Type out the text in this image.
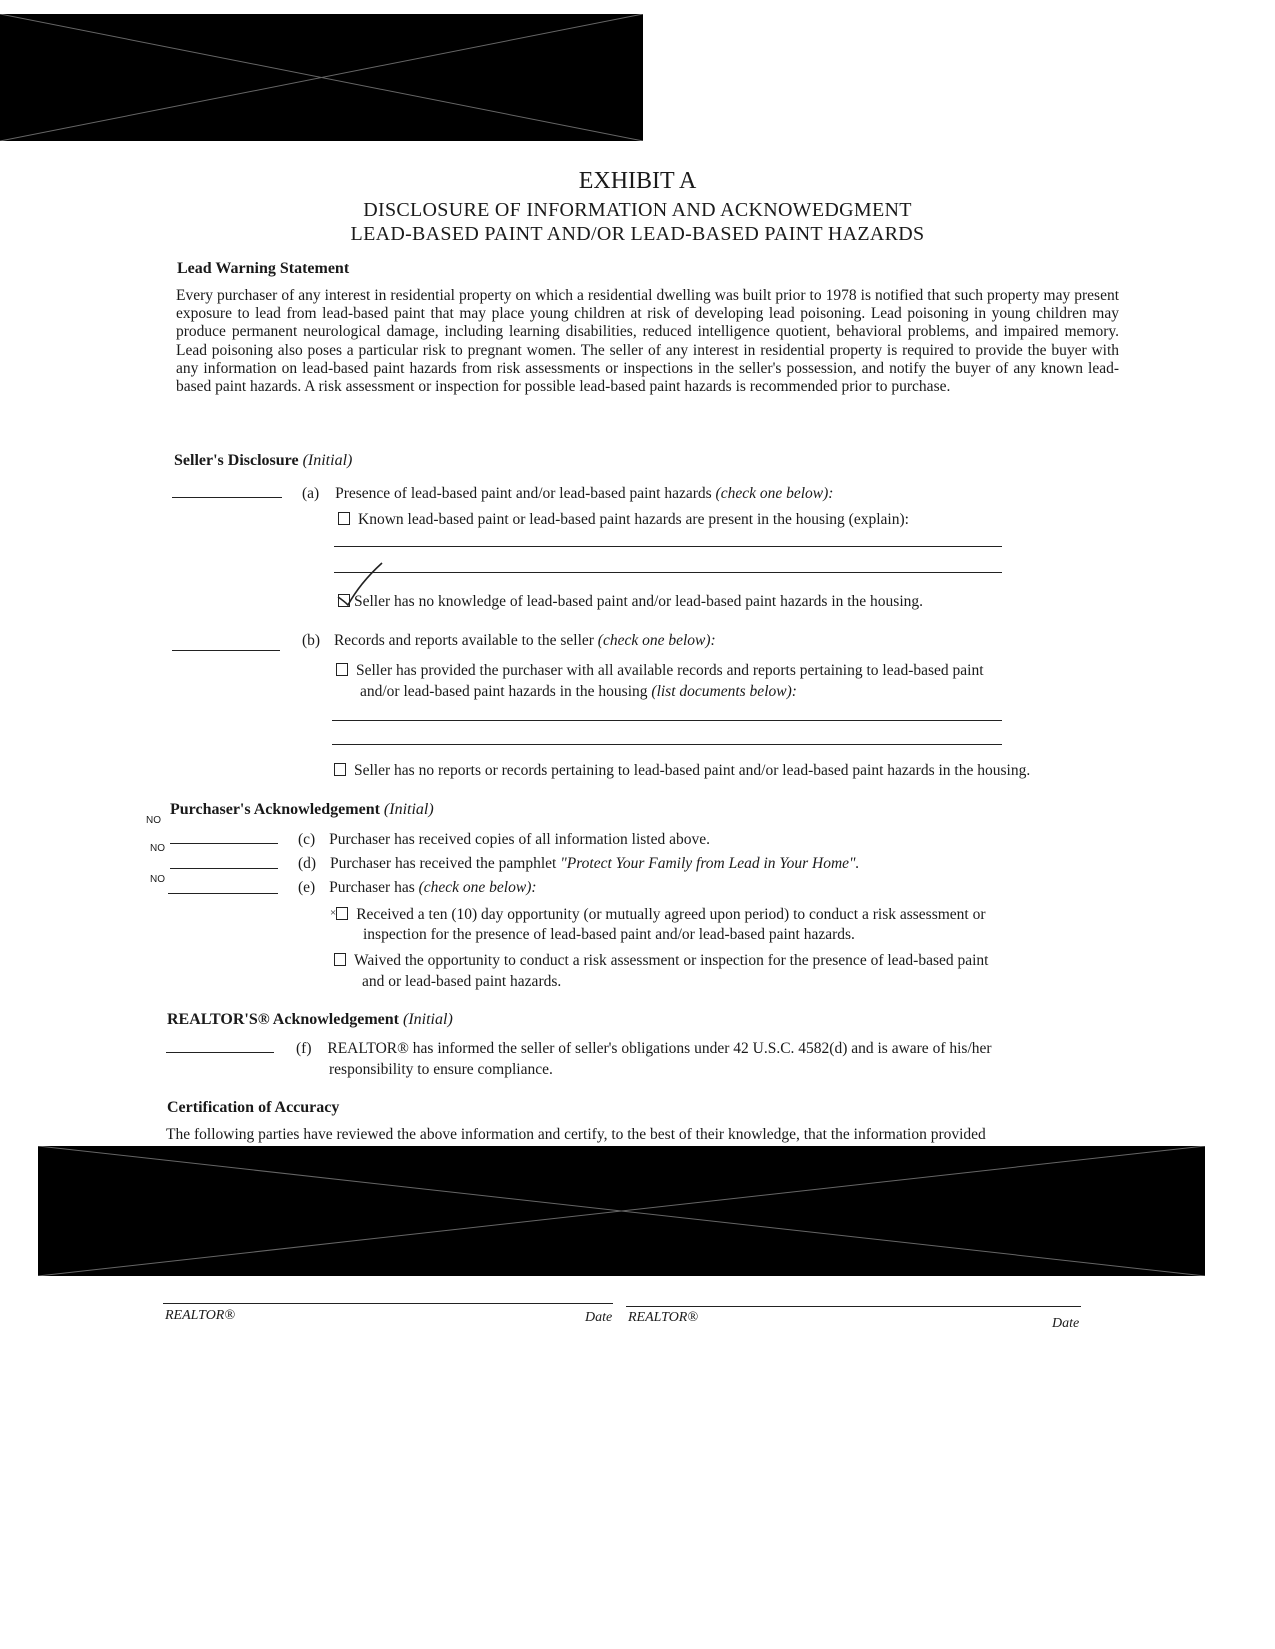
EXHIBIT A
DISCLOSURE OF INFORMATION AND ACKNOWEDGMENT
LEAD-BASED PAINT AND/OR LEAD-BASED PAINT HAZARDS
Lead Warning Statement
Every purchaser of any interest in residential property on which a residential dwelling was built prior to 1978 is notified that such property may present exposure to lead from lead-based paint that may place young children at risk of developing lead poisoning. Lead poisoning in young children may produce permanent neurological damage, including learning disabilities, reduced intelligence quotient, behavioral problems, and impaired memory. Lead poisoning also poses a particular risk to pregnant women. The seller of any interest in residential property is required to provide the buyer with any information on lead-based paint hazards from risk assessments or inspections in the seller's possession, and notify the buyer of any known lead-based paint hazards. A risk assessment or inspection for possible lead-based paint hazards is recommended prior to purchase.
Seller's Disclosure (Initial)
(a) Presence of lead-based paint and/or lead-based paint hazards (check one below):
Known lead-based paint or lead-based paint hazards are present in the housing (explain):
Seller has no knowledge of lead-based paint and/or lead-based paint hazards in the housing.
(b) Records and reports available to the seller (check one below):
Seller has provided the purchaser with all available records and reports pertaining to lead-based paint
and/or lead-based paint hazards in the housing (list documents below):
Seller has no reports or records pertaining to lead-based paint and/or lead-based paint hazards in the housing.
NO
Purchaser's Acknowledgement (Initial)
NO
(c) Purchaser has received copies of all information listed above.
NO
(d) Purchaser has received the pamphlet "Protect Your Family from Lead in Your Home".
(e) Purchaser has (check one below):
× Received a ten (10) day opportunity (or mutually agreed upon period) to conduct a risk assessment or
inspection for the presence of lead-based paint and/or lead-based paint hazards.
Waived the opportunity to conduct a risk assessment or inspection for the presence of lead-based paint
and or lead-based paint hazards.
REALTOR'S® Acknowledgement (Initial)
(f) REALTOR® has informed the seller of seller's obligations under 42 U.S.C. 4582(d) and is aware of his/her
responsibility to ensure compliance.
Certification of Accuracy
The following parties have reviewed the above information and certify, to the best of their knowledge, that the information provided
REALTOR®	Date REALTOR®	Date
